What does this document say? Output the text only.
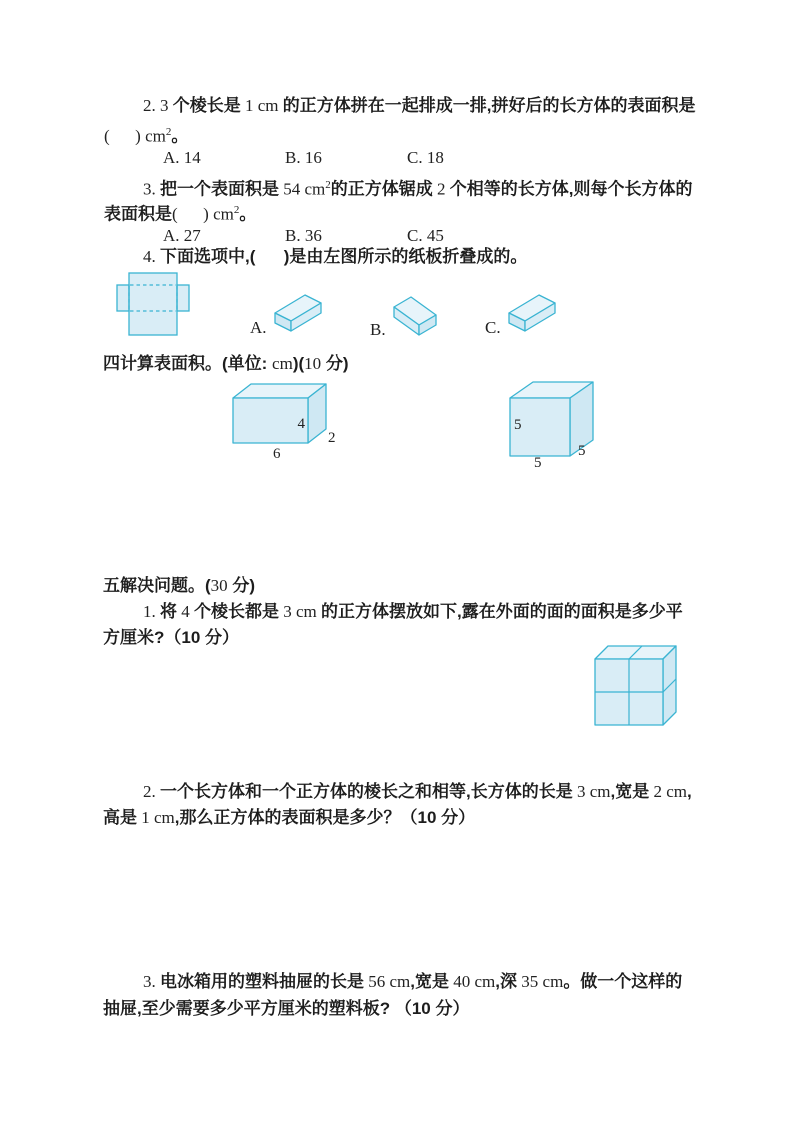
2. 3 个棱长是 1 cm 的正方体拼在一起排成一排,拼好后的长方体的表面积是
(      ) $cm^2$。
A. 14	B. 16	C. 18
3. 把一个表面积是 54 $cm^2$的正方体锯成 2 个相等的长方体,则每个长方体的
表面积是(      ) $cm^2$。
A. 27	B. 36	C. 45
4. 下面选项中,(      )是由左图所示的纸板折叠成的。
A.	B.	C.
四计算表面积。(单位: cm)(10 分)
4
2
6
5
5
5
五解决问题。(30 分)
1. 将 4 个棱长都是 3 cm 的正方体摆放如下,露在外面的面的面积是多少平
方厘米?（10 分）
2. 一个长方体和一个正方体的棱长之和相等,长方体的长是 3 cm,宽是 2 cm,
高是 1 cm,那么正方体的表面积是多少？（10 分）
3. 电冰箱用的塑料抽屉的长是 56 cm,宽是 40 cm,深 35 cm。做一个这样的
抽屉,至少需要多少平方厘米的塑料板? （10 分）
